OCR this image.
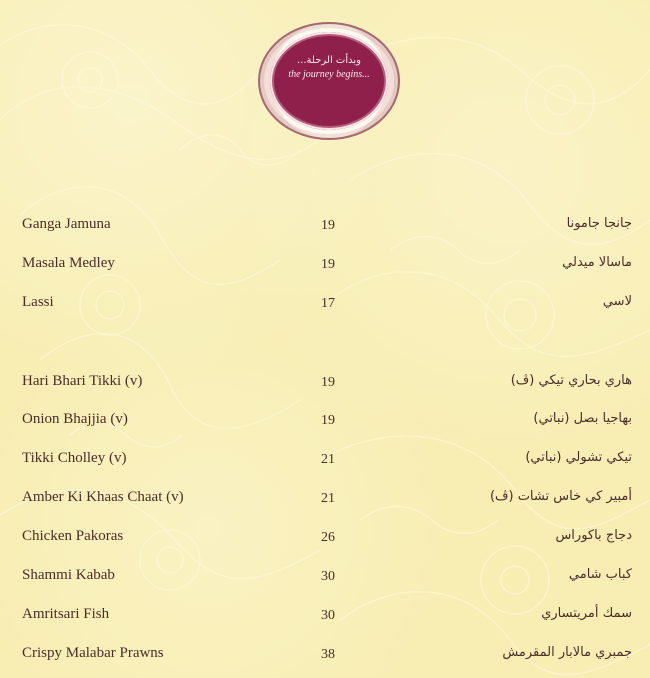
وبدأت الرحلة...
the journey begins...
Ganga Jamuna	19	جانجا جامونا
Masala Medley	19	ماسالا ميدلي
Lassi	17	لاسي
Hari Bhari Tikki (v)	19	هاري بحاري تيكي (ڤ)
Onion Bhajjia (v)	19	بهاجيا بصل (نباتي)
Tikki Cholley (v)	21	تيكي تشولي (نباتي)
Amber Ki Khaas Chaat (v)	21	أمبير كي خاس تشات (ڤ)
Chicken Pakoras	26	دجاج باكوراس
Shammi Kabab	30	كباب شامي
Amritsari Fish	30	سمك أمريتساري
Crispy Malabar Prawns	38	جمبري مالابار المقرمش
